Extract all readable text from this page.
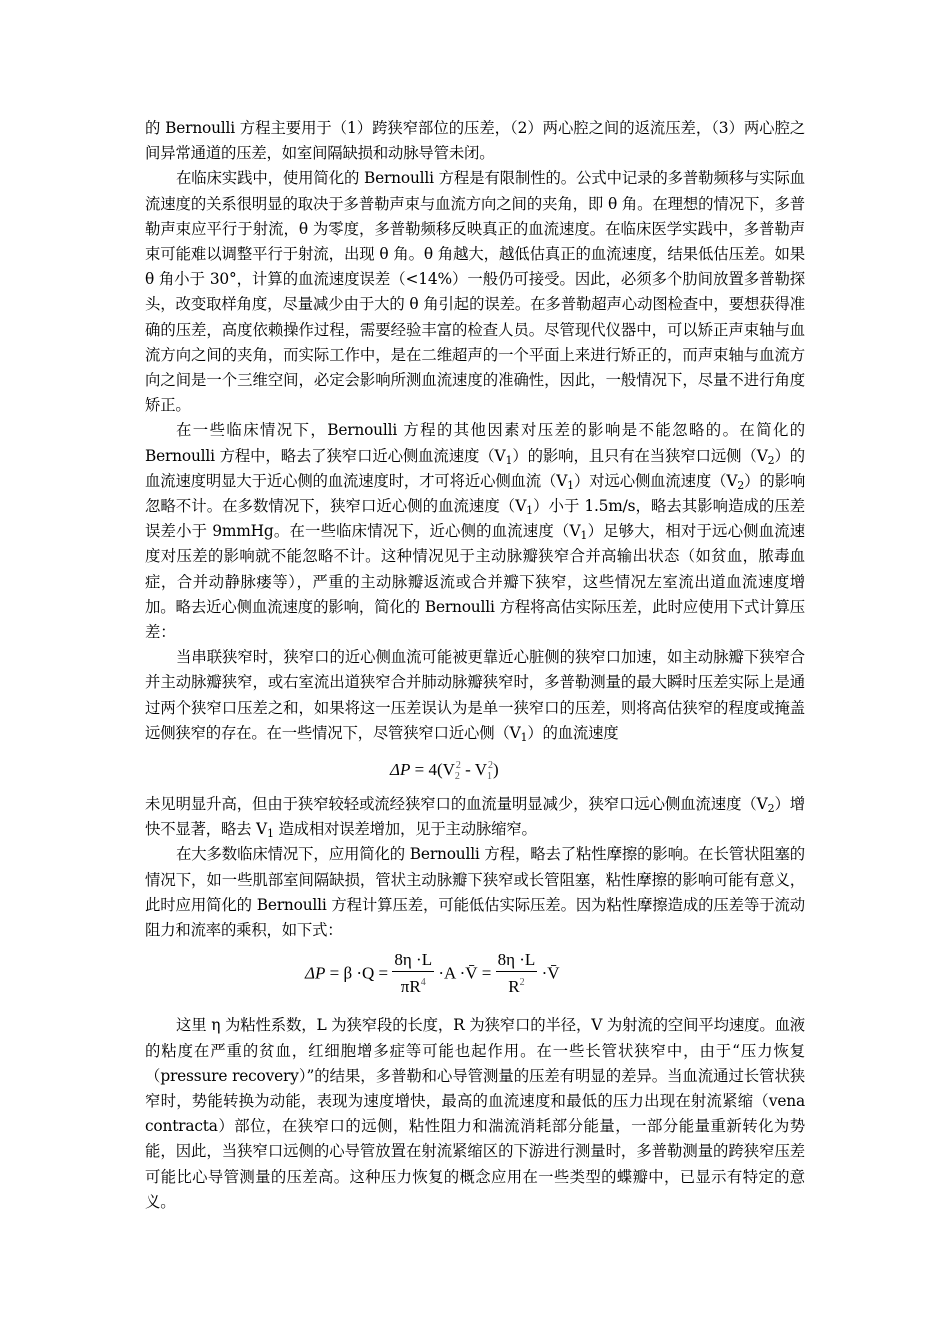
的 Bernoulli 方程主要用于（1）跨狭窄部位的压差，（2）两心腔之间的返流压差，（3）两心腔之间异常通道的压差，如室间隔缺损和动脉导管未闭。

在临床实践中，使用简化的 Bernoulli 方程是有限制性的。公式中记录的多普勒频移与实际血流速度的关系很明显的取决于多普勒声束与血流方向之间的夹角，即 θ 角。在理想的情况下，多普勒声束应平行于射流，θ 为零度，多普勒频移反映真正的血流速度。在临床医学实践中，多普勒声束可能难以调整平行于射流，出现 θ 角。θ 角越大，越低估真正的血流速度，结果低估压差。如果 θ 角小于 30°，计算的血流速度误差（<14%）一般仍可接受。因此，必须多个肋间放置多普勒探头，改变取样角度，尽量减少由于大的 θ 角引起的误差。在多普勒超声心动图检查中，要想获得准确的压差，高度依赖操作过程，需要经验丰富的检查人员。尽管现代仪器中，可以矫正声束轴与血流方向之间的夹角，而实际工作中，是在二维超声的一个平面上来进行矫正的，而声束轴与血流方向之间是一个三维空间，必定会影响所测血流速度的准确性，因此，一般情况下，尽量不进行角度矫正。

在一些临床情况下，Bernoulli 方程的其他因素对压差的影响是不能忽略的。在简化的 Bernoulli 方程中，略去了狭窄口近心侧血流速度$(V_1)$的影响，且只有在当狭窄口远侧$(V_2)$的血流速度明显大于近心侧的血流速度时，才可将近心侧血流$(V_1)$对远心侧血流速度$(V_2)$的影响忽略不计。在多数情况下，狭窄口近心侧的血流速度$(V_1)$小于 1.5m/s，略去其影响造成的压差误差小于 9mmHg。在一些临床情况下，近心侧的血流速度$(V_1)$足够大，相对于远心侧血流速度对压差的影响就不能忽略不计。这种情况见于主动脉瓣狭窄合并高输出状态（如贫血，脓毒血症，合并动静脉瘘等），严重的主动脉瓣返流或合并瓣下狭窄，这些情况左室流出道血流速度增加。略去近心侧血流速度的影响，简化的 Bernoulli 方程将高估实际压差，此时应使用下式计算压差：

当串联狭窄时，狭窄口的近心侧血流可能被更靠近心脏侧的狭窄口加速，如主动脉瓣下狭窄合并主动脉瓣狭窄，或右室流出道狭窄合并肺动脉瓣狭窄时，多普勒测量的最大瞬时压差实际上是通过两个狭窄口压差之和，如果将这一压差误认为是单一狭窄口的压差，则将高估狭窄的程度或掩盖远侧狭窄的存在。在一些情况下，尽管狭窄口近心侧$(V_1)$的血流速度

$\Delta P = 4(V_2^2 - V_1^2)$

未见明显升高，但由于狭窄较轻或流经狭窄口的血流量明显减少，狭窄口远心侧血流速度$(V_2)$增快不显著，略去 $V_1$ 造成相对误差增加，见于主动脉缩窄。

在大多数临床情况下，应用简化的 Bernoulli 方程，略去了粘性摩擦的影响。在长管状阻塞的情况下，如一些肌部室间隔缺损，管状主动脉瓣下狭窄或长管阻塞，粘性摩擦的影响可能有意义，此时应用简化的 Bernoulli 方程计算压差，可能低估实际压差。因为粘性摩擦造成的压差等于流动阻力和流率的乘积，如下式：

$\Delta P = \beta \cdot Q = \frac{8\eta \cdot L}{\pi R^4} \cdot A$ ·V̄ = $\frac{8\eta \cdot L}{R^2}$ ·V̄

这里 η 为粘性系数，L 为狭窄段的长度，R 为狭窄口的半径，V 为射流的空间平均速度。血液的粘度在严重的贫血，红细胞增多症等可能也起作用。在一些长管状狭窄中，由于“压力恢复（pressure recovery）”的结果，多普勒和心导管测量的压差有明显的差异。当血流通过长管状狭窄时，势能转换为动能，表现为速度增快，最高的血流速度和最低的压力出现在射流紧缩（vena contracta）部位，在狭窄口的远侧，粘性阻力和湍流消耗部分能量，一部分能量重新转化为势能，因此，当狭窄口远侧的心导管放置在射流紧缩区的下游进行测量时，多普勒测量的跨狭窄压差可能比心导管测量的压差高。这种压力恢复的概念应用在一些类型的蝶瓣中，已显示有特定的意义。
